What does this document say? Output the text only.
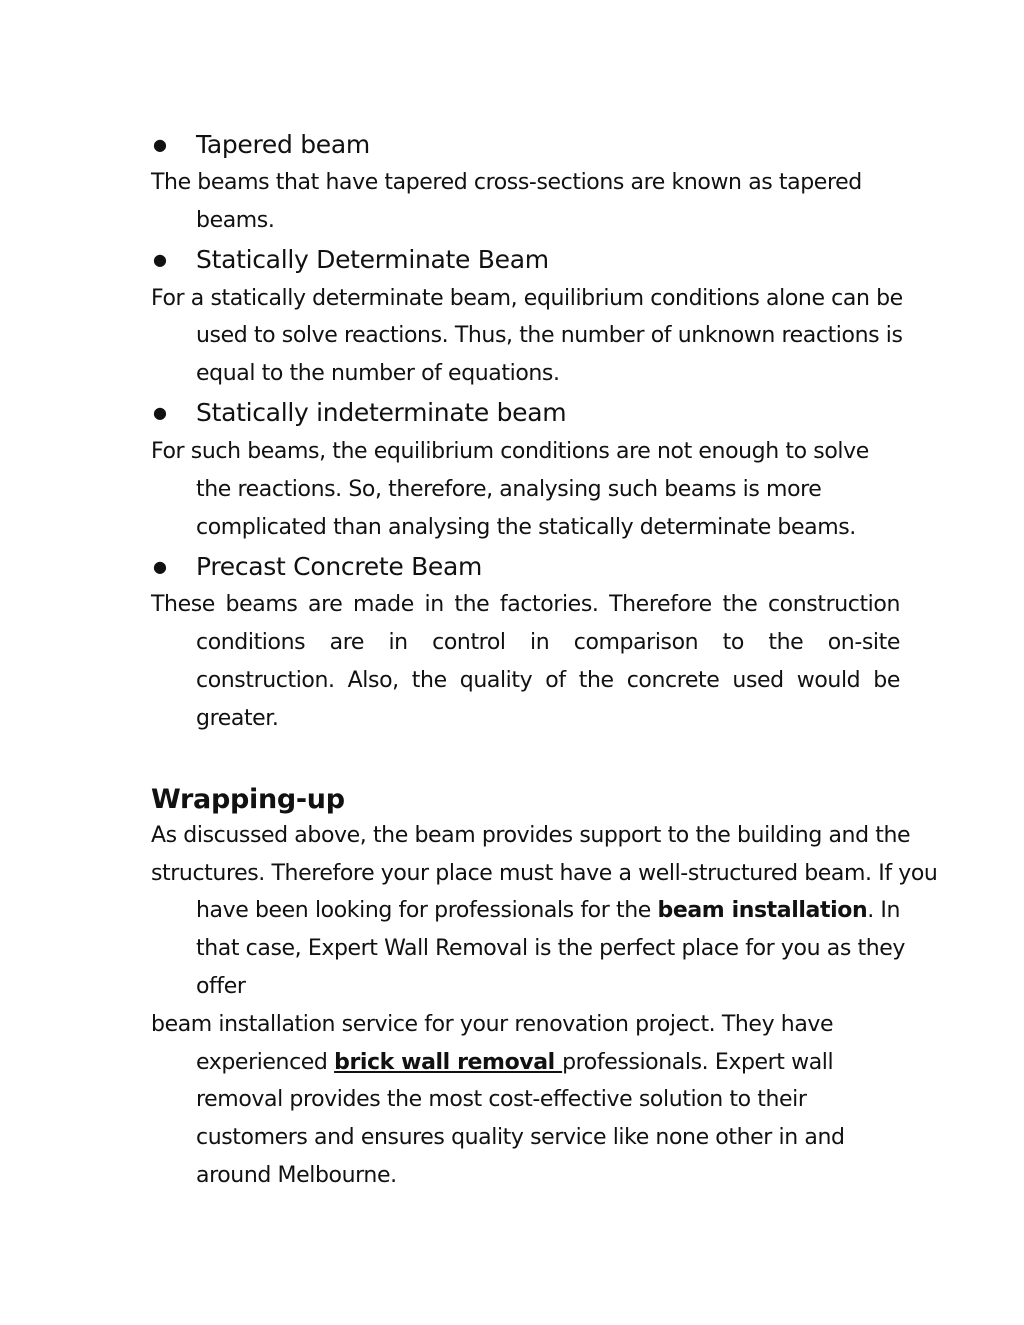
●	Tapered beam

The beams that have tapered cross-sections are known as tapered beams.

●	Statically Determinate Beam

For a statically determinate beam, equilibrium conditions alone can be used to solve reactions. Thus, the number of unknown reactions is equal to the number of equations.

●	Statically indeterminate beam

For such beams, the equilibrium conditions are not enough to solve the reactions. So, therefore, analysing such beams is more complicated than analysing the statically determinate beams.

●	Precast Concrete Beam

These beams are made in the factories. Therefore the construction conditions are in control in comparison to the on-site construction. Also, the quality of the concrete used would be greater.

Wrapping-up

As discussed above, the beam provides support to the building and the

structures. Therefore your place must have a well-structured beam. If you have been looking for professionals for the beam installation. In that case, Expert Wall Removal is the perfect place for you as they offer

beam installation service for your renovation project. They have experienced brick wall removal professionals. Expert wall removal provides the most cost-effective solution to their customers and ensures quality service like none other in and around Melbourne.
